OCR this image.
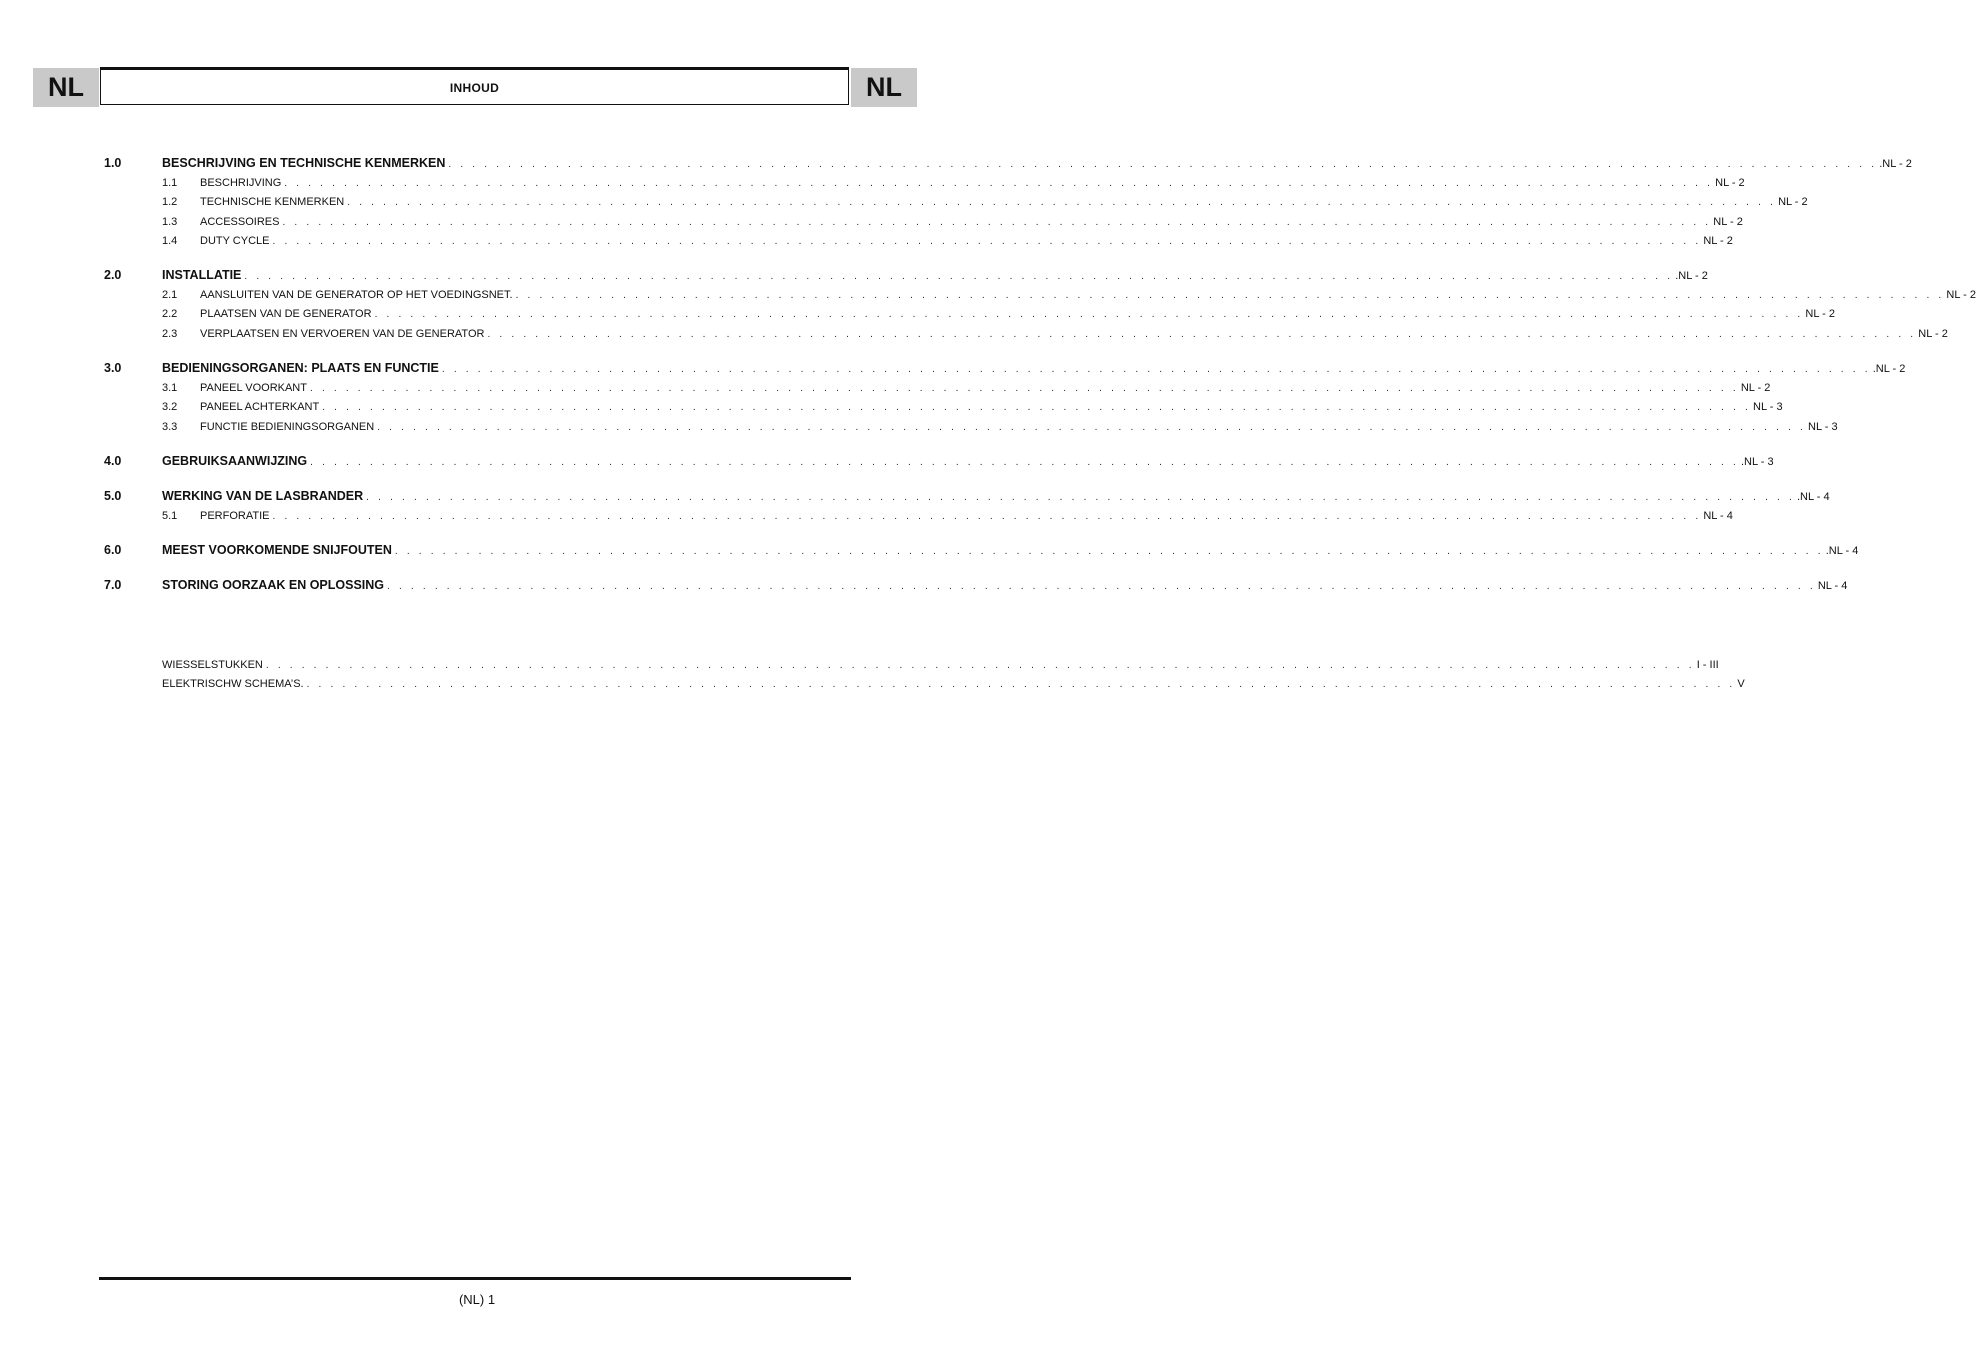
NL	INHOUD	NL
1.0	BESCHRIJVING EN TECHNISCHE KENMERKEN . . . . . . . . . . . . . . . . . . . . . . . . . . . . . . . . . . . . . . . . . . . . . . . . . . . . . . . . . . . . . . . . . . . . . . . . . . . . . . . . . . . . . . . . . . . . . . . . . . . . . . . . . . . . . . . . . . . . . . . . .NL - 2
1.1	BESCHRIJVING . . . . . . . . . . . . . . . . . . . . . . . . . . . . . . . . . . . . . . . . . . . . . . . . . . . . . . . . . . . . . . . . . . . . . . . . . . . . . . . . . . . . . . . . . . . . . . . . . . . . . . . . . . . . . . . . . . . . . . . . NL - 2
1.2	TECHNISCHE KENMERKEN . . . . . . . . . . . . . . . . . . . . . . . . . . . . . . . . . . . . . . . . . . . . . . . . . . . . . . . . . . . . . . . . . . . . . . . . . . . . . . . . . . . . . . . . . . . . . . . . . . . . . . . . . . . . . . . . . . . . . . . . NL - 2
1.3	ACCESSOIRES . . . . . . . . . . . . . . . . . . . . . . . . . . . . . . . . . . . . . . . . . . . . . . . . . . . . . . . . . . . . . . . . . . . . . . . . . . . . . . . . . . . . . . . . . . . . . . . . . . . . . . . . . . . . . . . . . . . . . . . . NL - 2
1.4	DUTY CYCLE . . . . . . . . . . . . . . . . . . . . . . . . . . . . . . . . . . . . . . . . . . . . . . . . . . . . . . . . . . . . . . . . . . . . . . . . . . . . . . . . . . . . . . . . . . . . . . . . . . . . . . . . . . . . . . . . . . . . . . . . NL - 2
2.0	INSTALLATIE . . . . . . . . . . . . . . . . . . . . . . . . . . . . . . . . . . . . . . . . . . . . . . . . . . . . . . . . . . . . . . . . . . . . . . . . . . . . . . . . . . . . . . . . . . . . . . . . . . . . . . . . . . . . . . . . . . . . . . . . .NL - 2
2.1	AANSLUITEN VAN DE GENERATOR OP HET VOEDINGSNET. . . . . . . . . . . . . . . . . . . . . . . . . . . . . . . . . . . . . . . . . . . . . . . . . . . . . . . . . . . . . . . . . . . . . . . . . . . . . . . . . . . . . . . . . . . . . . . . . . . . . . . . . . . . . . . . . . . . . . . . . NL - 2
2.2	PLAATSEN VAN DE GENERATOR . . . . . . . . . . . . . . . . . . . . . . . . . . . . . . . . . . . . . . . . . . . . . . . . . . . . . . . . . . . . . . . . . . . . . . . . . . . . . . . . . . . . . . . . . . . . . . . . . . . . . . . . . . . . . . . . . . . . . . . . NL - 2
2.3	VERPLAATSEN EN VERVOEREN VAN DE GENERATOR . . . . . . . . . . . . . . . . . . . . . . . . . . . . . . . . . . . . . . . . . . . . . . . . . . . . . . . . . . . . . . . . . . . . . . . . . . . . . . . . . . . . . . . . . . . . . . . . . . . . . . . . . . . . . . . . . . . . . . . . NL - 2
3.0	BEDIENINGSORGANEN: PLAATS EN FUNCTIE . . . . . . . . . . . . . . . . . . . . . . . . . . . . . . . . . . . . . . . . . . . . . . . . . . . . . . . . . . . . . . . . . . . . . . . . . . . . . . . . . . . . . . . . . . . . . . . . . . . . . . . . . . . . . . . . . . . . . . . . .NL - 2
3.1	PANEEL VOORKANT . . . . . . . . . . . . . . . . . . . . . . . . . . . . . . . . . . . . . . . . . . . . . . . . . . . . . . . . . . . . . . . . . . . . . . . . . . . . . . . . . . . . . . . . . . . . . . . . . . . . . . . . . . . . . . . . . . . . . . . . NL - 2
3.2	PANEEL ACHTERKANT . . . . . . . . . . . . . . . . . . . . . . . . . . . . . . . . . . . . . . . . . . . . . . . . . . . . . . . . . . . . . . . . . . . . . . . . . . . . . . . . . . . . . . . . . . . . . . . . . . . . . . . . . . . . . . . . . . . . . . . . NL - 3
3.3	FUNCTIE BEDIENINGSORGANEN . . . . . . . . . . . . . . . . . . . . . . . . . . . . . . . . . . . . . . . . . . . . . . . . . . . . . . . . . . . . . . . . . . . . . . . . . . . . . . . . . . . . . . . . . . . . . . . . . . . . . . . . . . . . . . . . . . . . . . . . NL - 3
4.0	GEBRUIKSAANWIJZING . . . . . . . . . . . . . . . . . . . . . . . . . . . . . . . . . . . . . . . . . . . . . . . . . . . . . . . . . . . . . . . . . . . . . . . . . . . . . . . . . . . . . . . . . . . . . . . . . . . . . . . . . . . . . . . . . . . . . . . . .NL - 3
5.0	WERKING VAN DE LASBRANDER . . . . . . . . . . . . . . . . . . . . . . . . . . . . . . . . . . . . . . . . . . . . . . . . . . . . . . . . . . . . . . . . . . . . . . . . . . . . . . . . . . . . . . . . . . . . . . . . . . . . . . . . . . . . . . . . . . . . . . . . .NL - 4
5.1	PERFORATIE . . . . . . . . . . . . . . . . . . . . . . . . . . . . . . . . . . . . . . . . . . . . . . . . . . . . . . . . . . . . . . . . . . . . . . . . . . . . . . . . . . . . . . . . . . . . . . . . . . . . . . . . . . . . . . . . . . . . . . . . NL - 4
6.0	MEEST VOORKOMENDE SNIJFOUTEN . . . . . . . . . . . . . . . . . . . . . . . . . . . . . . . . . . . . . . . . . . . . . . . . . . . . . . . . . . . . . . . . . . . . . . . . . . . . . . . . . . . . . . . . . . . . . . . . . . . . . . . . . . . . . . . . . . . . . . . . .NL - 4
7.0	STORING OORZAAK EN OPLOSSING . . . . . . . . . . . . . . . . . . . . . . . . . . . . . . . . . . . . . . . . . . . . . . . . . . . . . . . . . . . . . . . . . . . . . . . . . . . . . . . . . . . . . . . . . . . . . . . . . . . . . . . . . . . . . . . . . . . . . . . . NL - 4
WIESSELSTUKKEN . . . . . . . . . . . . . . . . . . . . . . . . . . . . . . . . . . . . . . . . . . . . . . . . . . . . . . . . . . . . . . . . . . . . . . . . . . . . . . . . . . . . . . . . . . . . . . . . . . . . . . . . . . . . . . . . . . . . . . . . I - III
ELEKTRISCHW SCHEMA’S. . . . . . . . . . . . . . . . . . . . . . . . . . . . . . . . . . . . . . . . . . . . . . . . . . . . . . . . . . . . . . . . . . . . . . . . . . . . . . . . . . . . . . . . . . . . . . . . . . . . . . . . . . . . . . . . . . . . . . . . . V
(NL) 1
